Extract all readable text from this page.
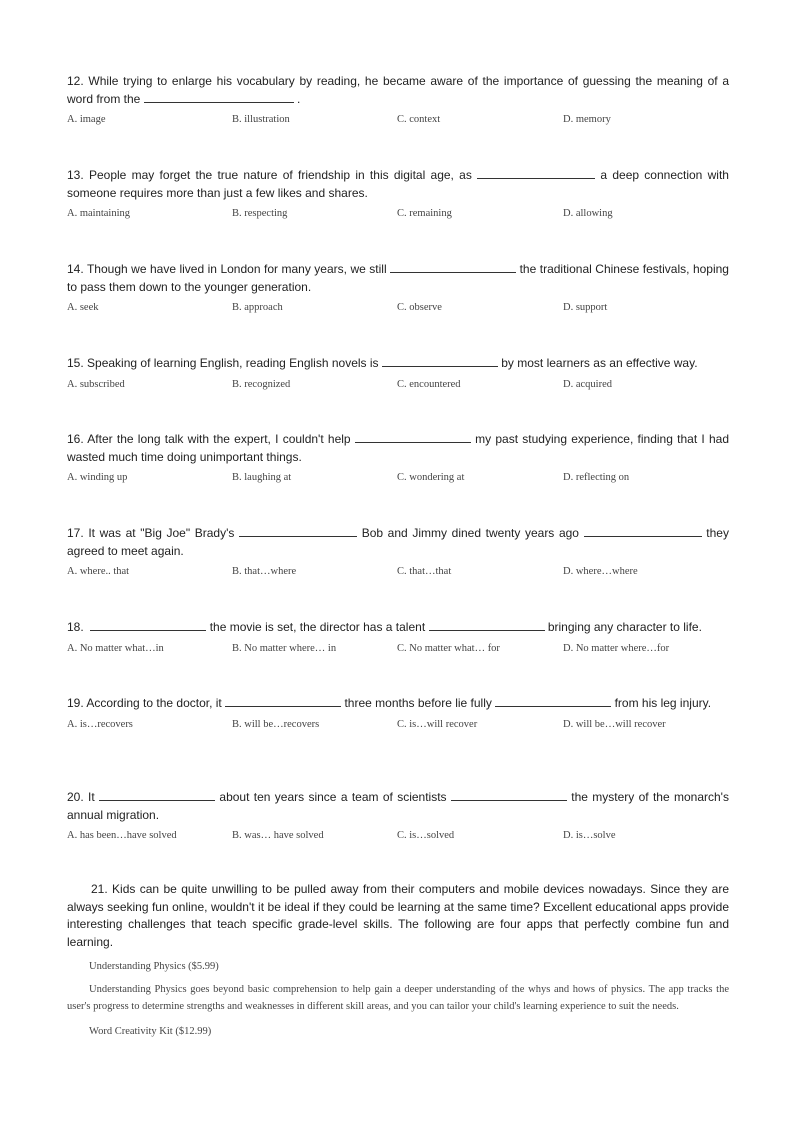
12. While trying to enlarge his vocabulary by reading, he became aware of the importance of guessing the meaning of a word from the	.

A. image	B. illustration	C. context	D. memory

13. People may forget the true nature of friendship in this digital age, as	a deep connection with someone requires more than just a few likes and shares.

A. maintaining	B. respecting	C. remaining	D. allowing

14. Though we have lived in London for many years, we still	the traditional Chinese festivals, hoping to pass them down to the younger generation.

A. seek	B. approach	C. observe	D. support

15. Speaking of learning English, reading English novels is	by most learners as an effective way.

A. subscribed	B. recognized	C. encountered	D. acquired

16. After the long talk with the expert, I couldn't help	my past studying experience, finding that I had wasted much time doing unimportant things.

A. winding up	B. laughing at	C. wondering at	D. reflecting on

17. It was at "Big Joe" Brady's	Bob and Jimmy dined twenty years ago	they agreed to meet again.

A. where.. that	B. that…where	C. that…that	D. where…where

18.	the movie is set, the director has a talent	bringing any character to life.

A. No matter what…in	B. No matter where… in	C. No matter what… for	D. No matter where…for

19. According to the doctor, it	three months before lie fully	from his leg injury.

A. is…recovers	B. will be…recovers	C. is…will recover	D. will be…will recover

20. It	about ten years since a team of scientists	the mystery of the monarch's annual migration.

A. has been…have solved	B. was… have solved	C. is…solved	D. is…solve

21. Kids can be quite unwilling to be pulled away from their computers and mobile devices nowadays. Since they are always seeking fun online, wouldn't it be ideal if they could be learning at the same time? Excellent educational apps provide interesting challenges that teach specific grade-level skills. The following are four apps that perfectly combine fun and learning.

Understanding Physics ($5.99)

Understanding Physics goes beyond basic comprehension to help gain a deeper understanding of the whys and hows of physics. The app tracks the user's progress to determine strengths and weaknesses in different skill areas, and you can tailor your child's learning experience to suit the needs.

Word Creativity Kit ($12.99)
